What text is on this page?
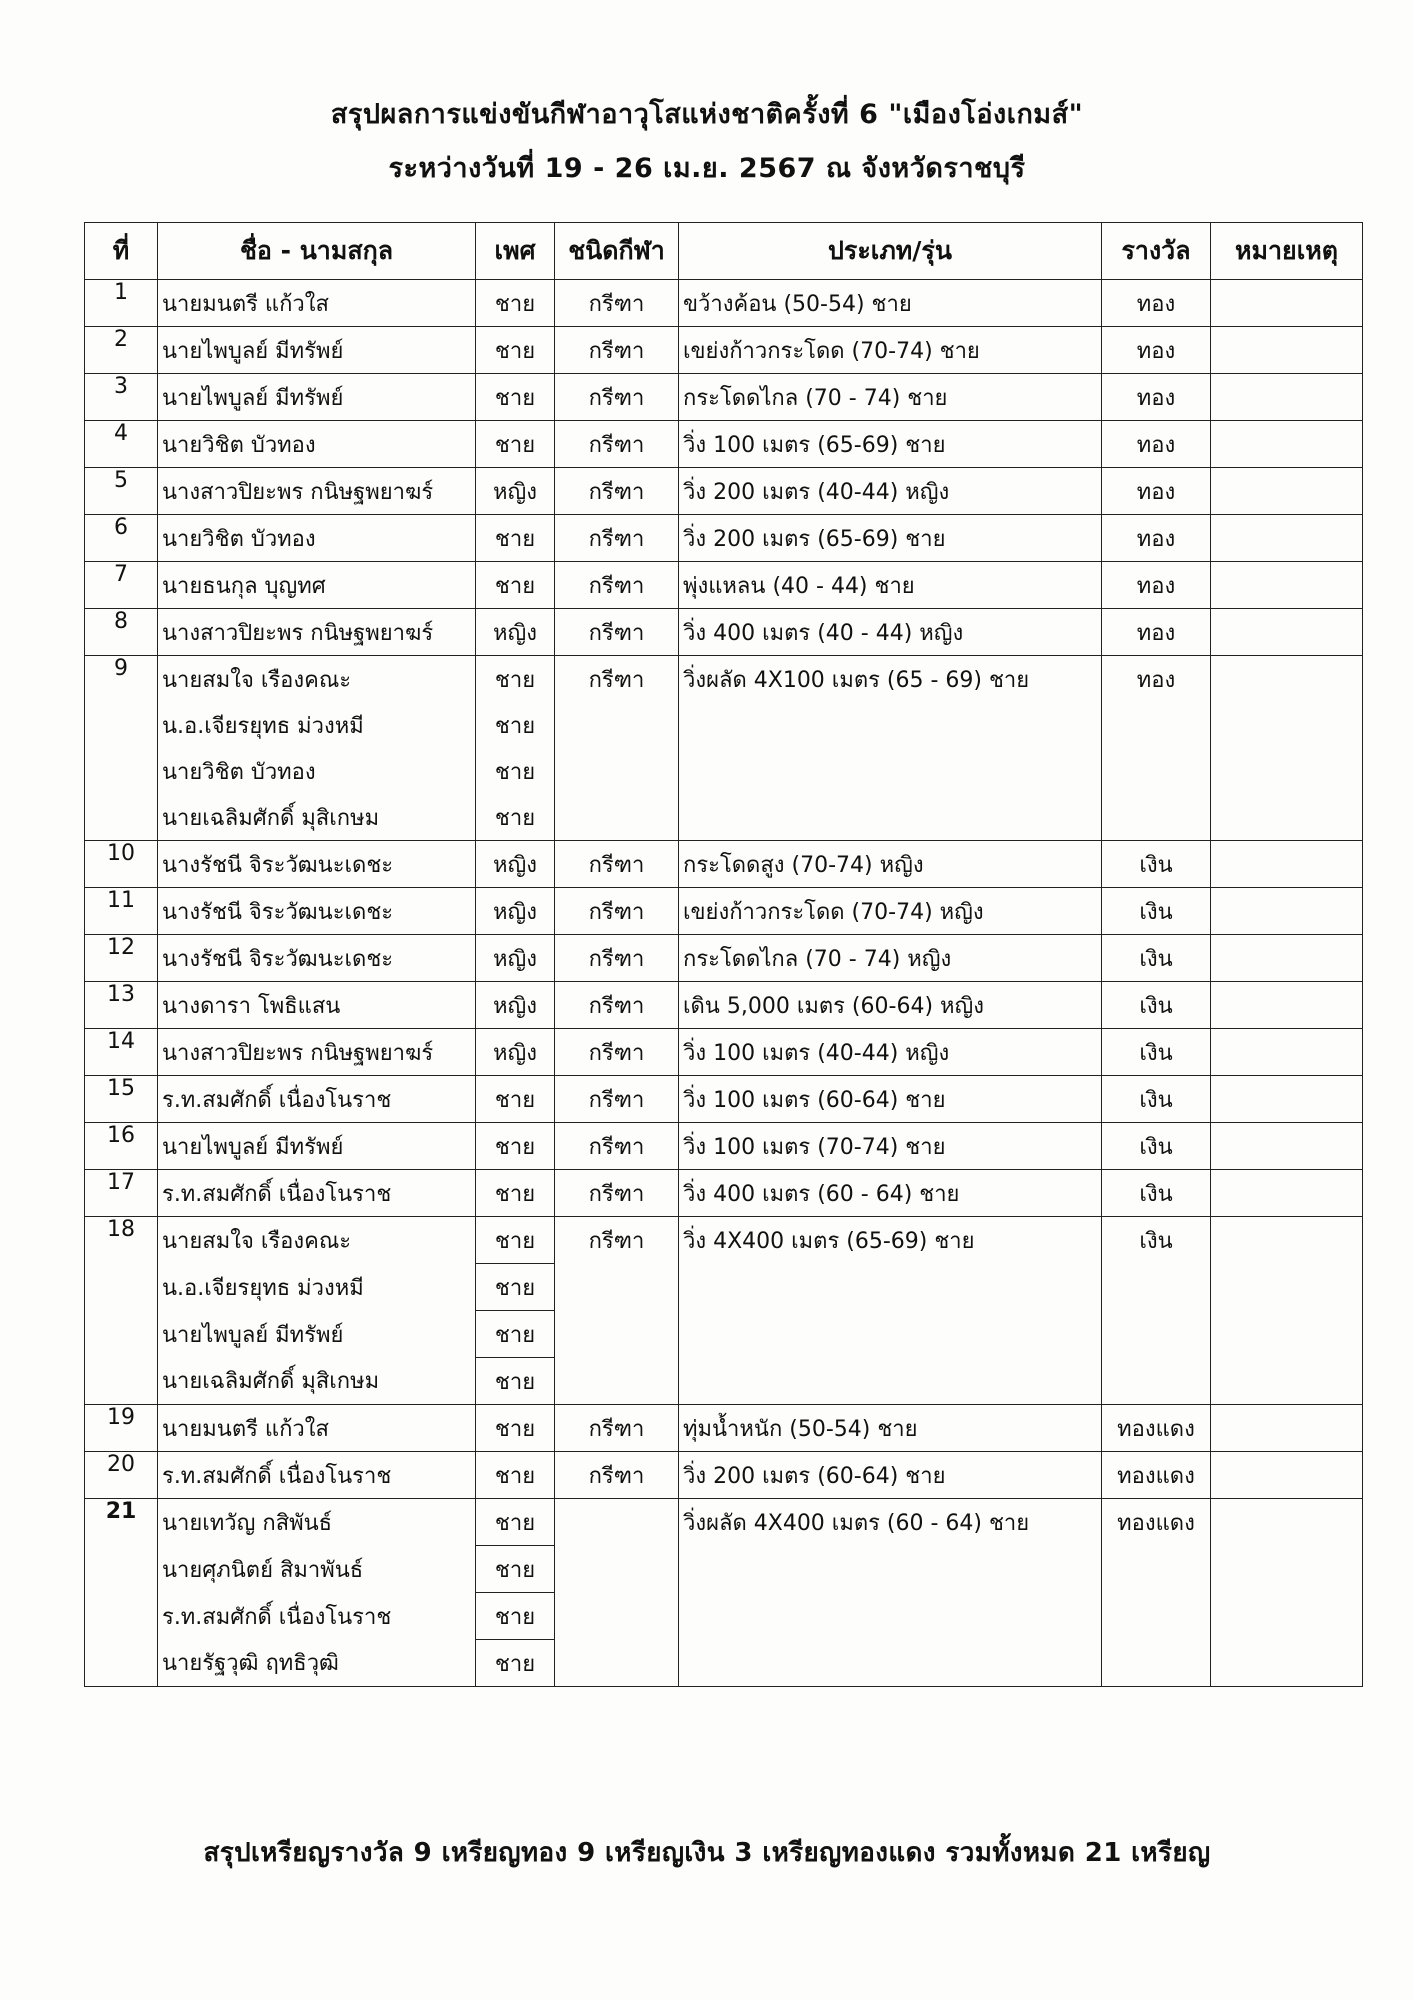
สรุปผลการแข่งขันกีฬาอาวุโสแห่งชาติครั้งที่ 6 "เมืองโอ่งเกมส์"
ระหว่างวันที่ 19 - 26 เม.ย. 2567 ณ จังหวัดราชบุรี
ที่	ชื่อ - นามสกุล	เพศ	ชนิดกีฬา	ประเภท/รุ่น	รางวัล	หมายเหตุ
1	นายมนตรี แก้วใส	ชาย	กรีฑา	ขว้างค้อน (50-54) ชาย	ทอง	
2	นายไพบูลย์ มีทรัพย์	ชาย	กรีฑา	เขย่งก้าวกระโดด (70-74) ชาย	ทอง	
3	นายไพบูลย์ มีทรัพย์	ชาย	กรีฑา	กระโดดไกล (70 - 74) ชาย	ทอง	
4	นายวิชิต บัวทอง	ชาย	กรีฑา	วิ่ง 100 เมตร (65-69) ชาย	ทอง	
5	นางสาวปิยะพร กนิษฐพยาฆร์	หญิง	กรีฑา	วิ่ง 200 เมตร (40-44) หญิง	ทอง	
6	นายวิชิต บัวทอง	ชาย	กรีฑา	วิ่ง 200 เมตร (65-69) ชาย	ทอง	
7	นายธนกุล บุญทศ	ชาย	กรีฑา	พุ่งแหลน (40 - 44) ชาย	ทอง	
8	นางสาวปิยะพร กนิษฐพยาฆร์	หญิง	กรีฑา	วิ่ง 400 เมตร (40 - 44) หญิง	ทอง	
9	นายสมใจ เรืองคณะ	ชาย	กรีฑา	วิ่งผลัด 4X100 เมตร (65 - 69) ชาย	ทอง	
	น.อ.เจียรยุทธ ม่วงหมี	ชาย				
	นายวิชิต บัวทอง	ชาย				
	นายเฉลิมศักดิ์ มุสิเกษม	ชาย				
10	นางรัชนี จิระวัฒนะเดชะ	หญิง	กรีฑา	กระโดดสูง (70-74) หญิง	เงิน	
11	นางรัชนี จิระวัฒนะเดชะ	หญิง	กรีฑา	เขย่งก้าวกระโดด (70-74) หญิง	เงิน	
12	นางรัชนี จิระวัฒนะเดชะ	หญิง	กรีฑา	กระโดดไกล (70 - 74) หญิง	เงิน	
13	นางดารา โพธิแสน	หญิง	กรีฑา	เดิน 5,000 เมตร (60-64) หญิง	เงิน	
14	นางสาวปิยะพร กนิษฐพยาฆร์	หญิง	กรีฑา	วิ่ง 100 เมตร (40-44) หญิง	เงิน	
15	ร.ท.สมศักดิ์ เนื่องโนราช	ชาย	กรีฑา	วิ่ง 100 เมตร (60-64) ชาย	เงิน	
16	นายไพบูลย์ มีทรัพย์	ชาย	กรีฑา	วิ่ง 100 เมตร (70-74) ชาย	เงิน	
17	ร.ท.สมศักดิ์ เนื่องโนราช	ชาย	กรีฑา	วิ่ง 400 เมตร (60 - 64) ชาย	เงิน	
18	นายสมใจ เรืองคณะ	ชาย	กรีฑา	วิ่ง 4X400 เมตร (65-69) ชาย	เงิน	
	น.อ.เจียรยุทธ ม่วงหมี	ชาย				
	นายไพบูลย์ มีทรัพย์	ชาย				
	นายเฉลิมศักดิ์ มุสิเกษม	ชาย				
19	นายมนตรี แก้วใส	ชาย	กรีฑา	ทุ่มน้ำหนัก (50-54) ชาย	ทองแดง	
20	ร.ท.สมศักดิ์ เนื่องโนราช	ชาย	กรีฑา	วิ่ง 200 เมตร (60-64) ชาย	ทองแดง	
21	นายเทวัญ กสิพันธ์	ชาย		วิ่งผลัด 4X400 เมตร (60 - 64) ชาย	ทองแดง	
	นายศุภนิตย์ สิมาพันธ์	ชาย				
	ร.ท.สมศักดิ์ เนื่องโนราช	ชาย				
	นายรัฐวุฒิ ฤทธิวุฒิ	ชาย				
สรุปเหรียญรางวัล 9 เหรียญทอง 9 เหรียญเงิน 3 เหรียญทองแดง รวมทั้งหมด 21 เหรียญ
